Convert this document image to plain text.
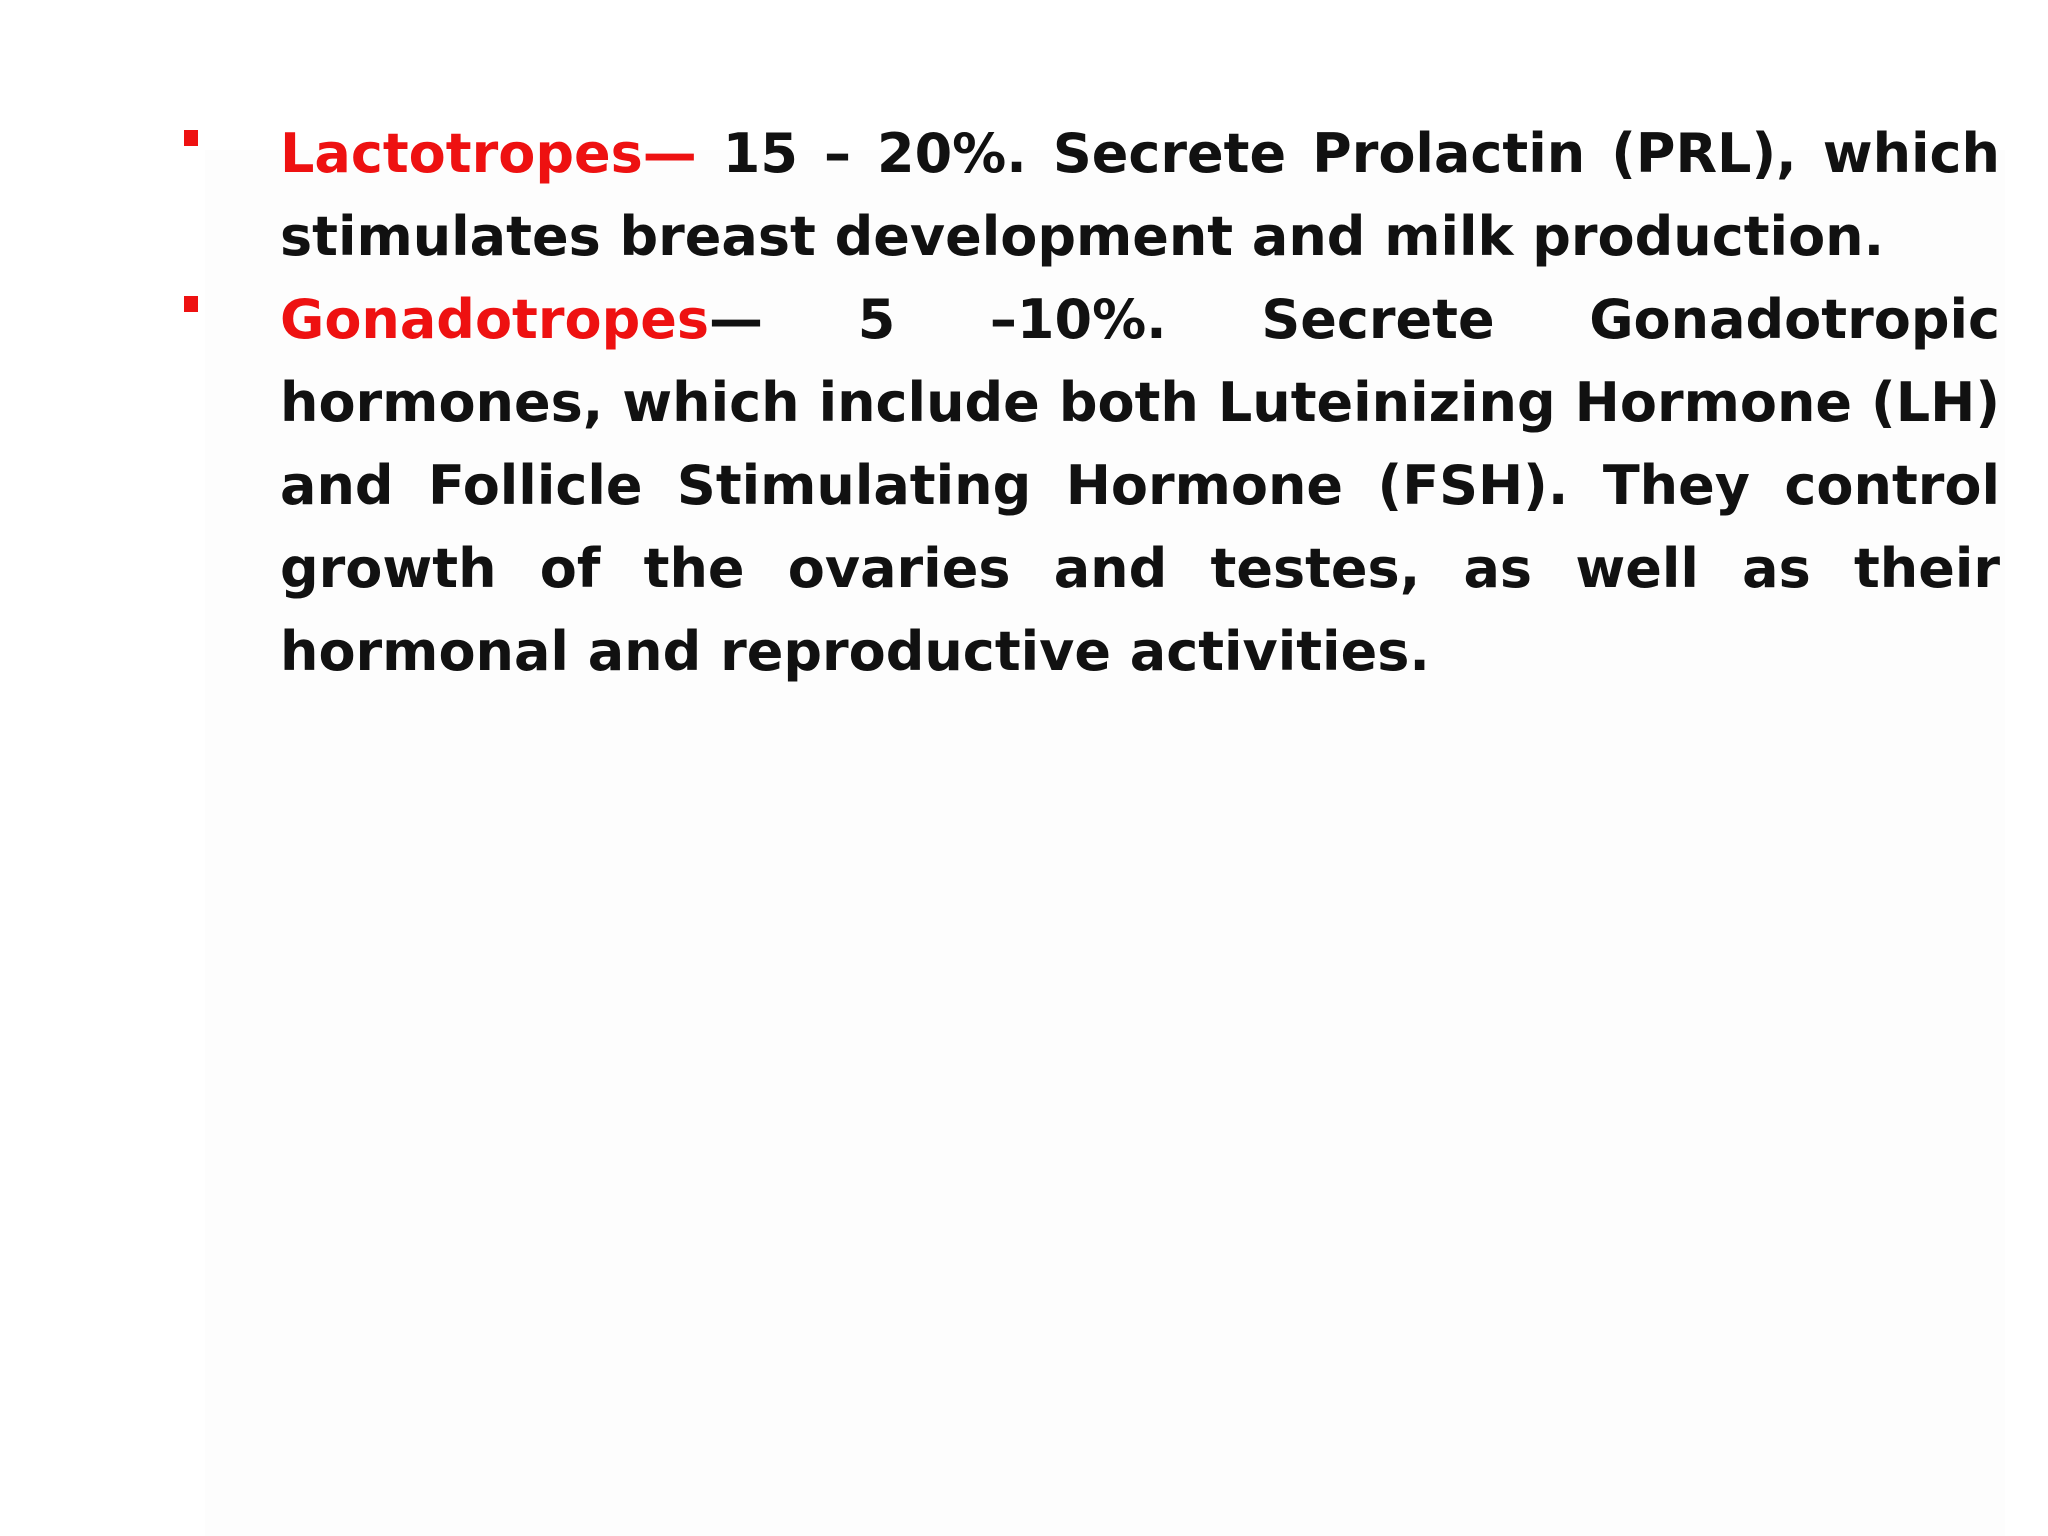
Lactotropes— 15 – 20%. Secrete Prolactin (PRL), which stimulates breast development and milk production.
Gonadotropes— 5 –10%. Secrete Gonadotropic hormones, which include both Luteinizing Hormone (LH) and Follicle Stimulating Hormone (FSH). They control growth of the ovaries and testes, as well as their hormonal and reproductive activities.
